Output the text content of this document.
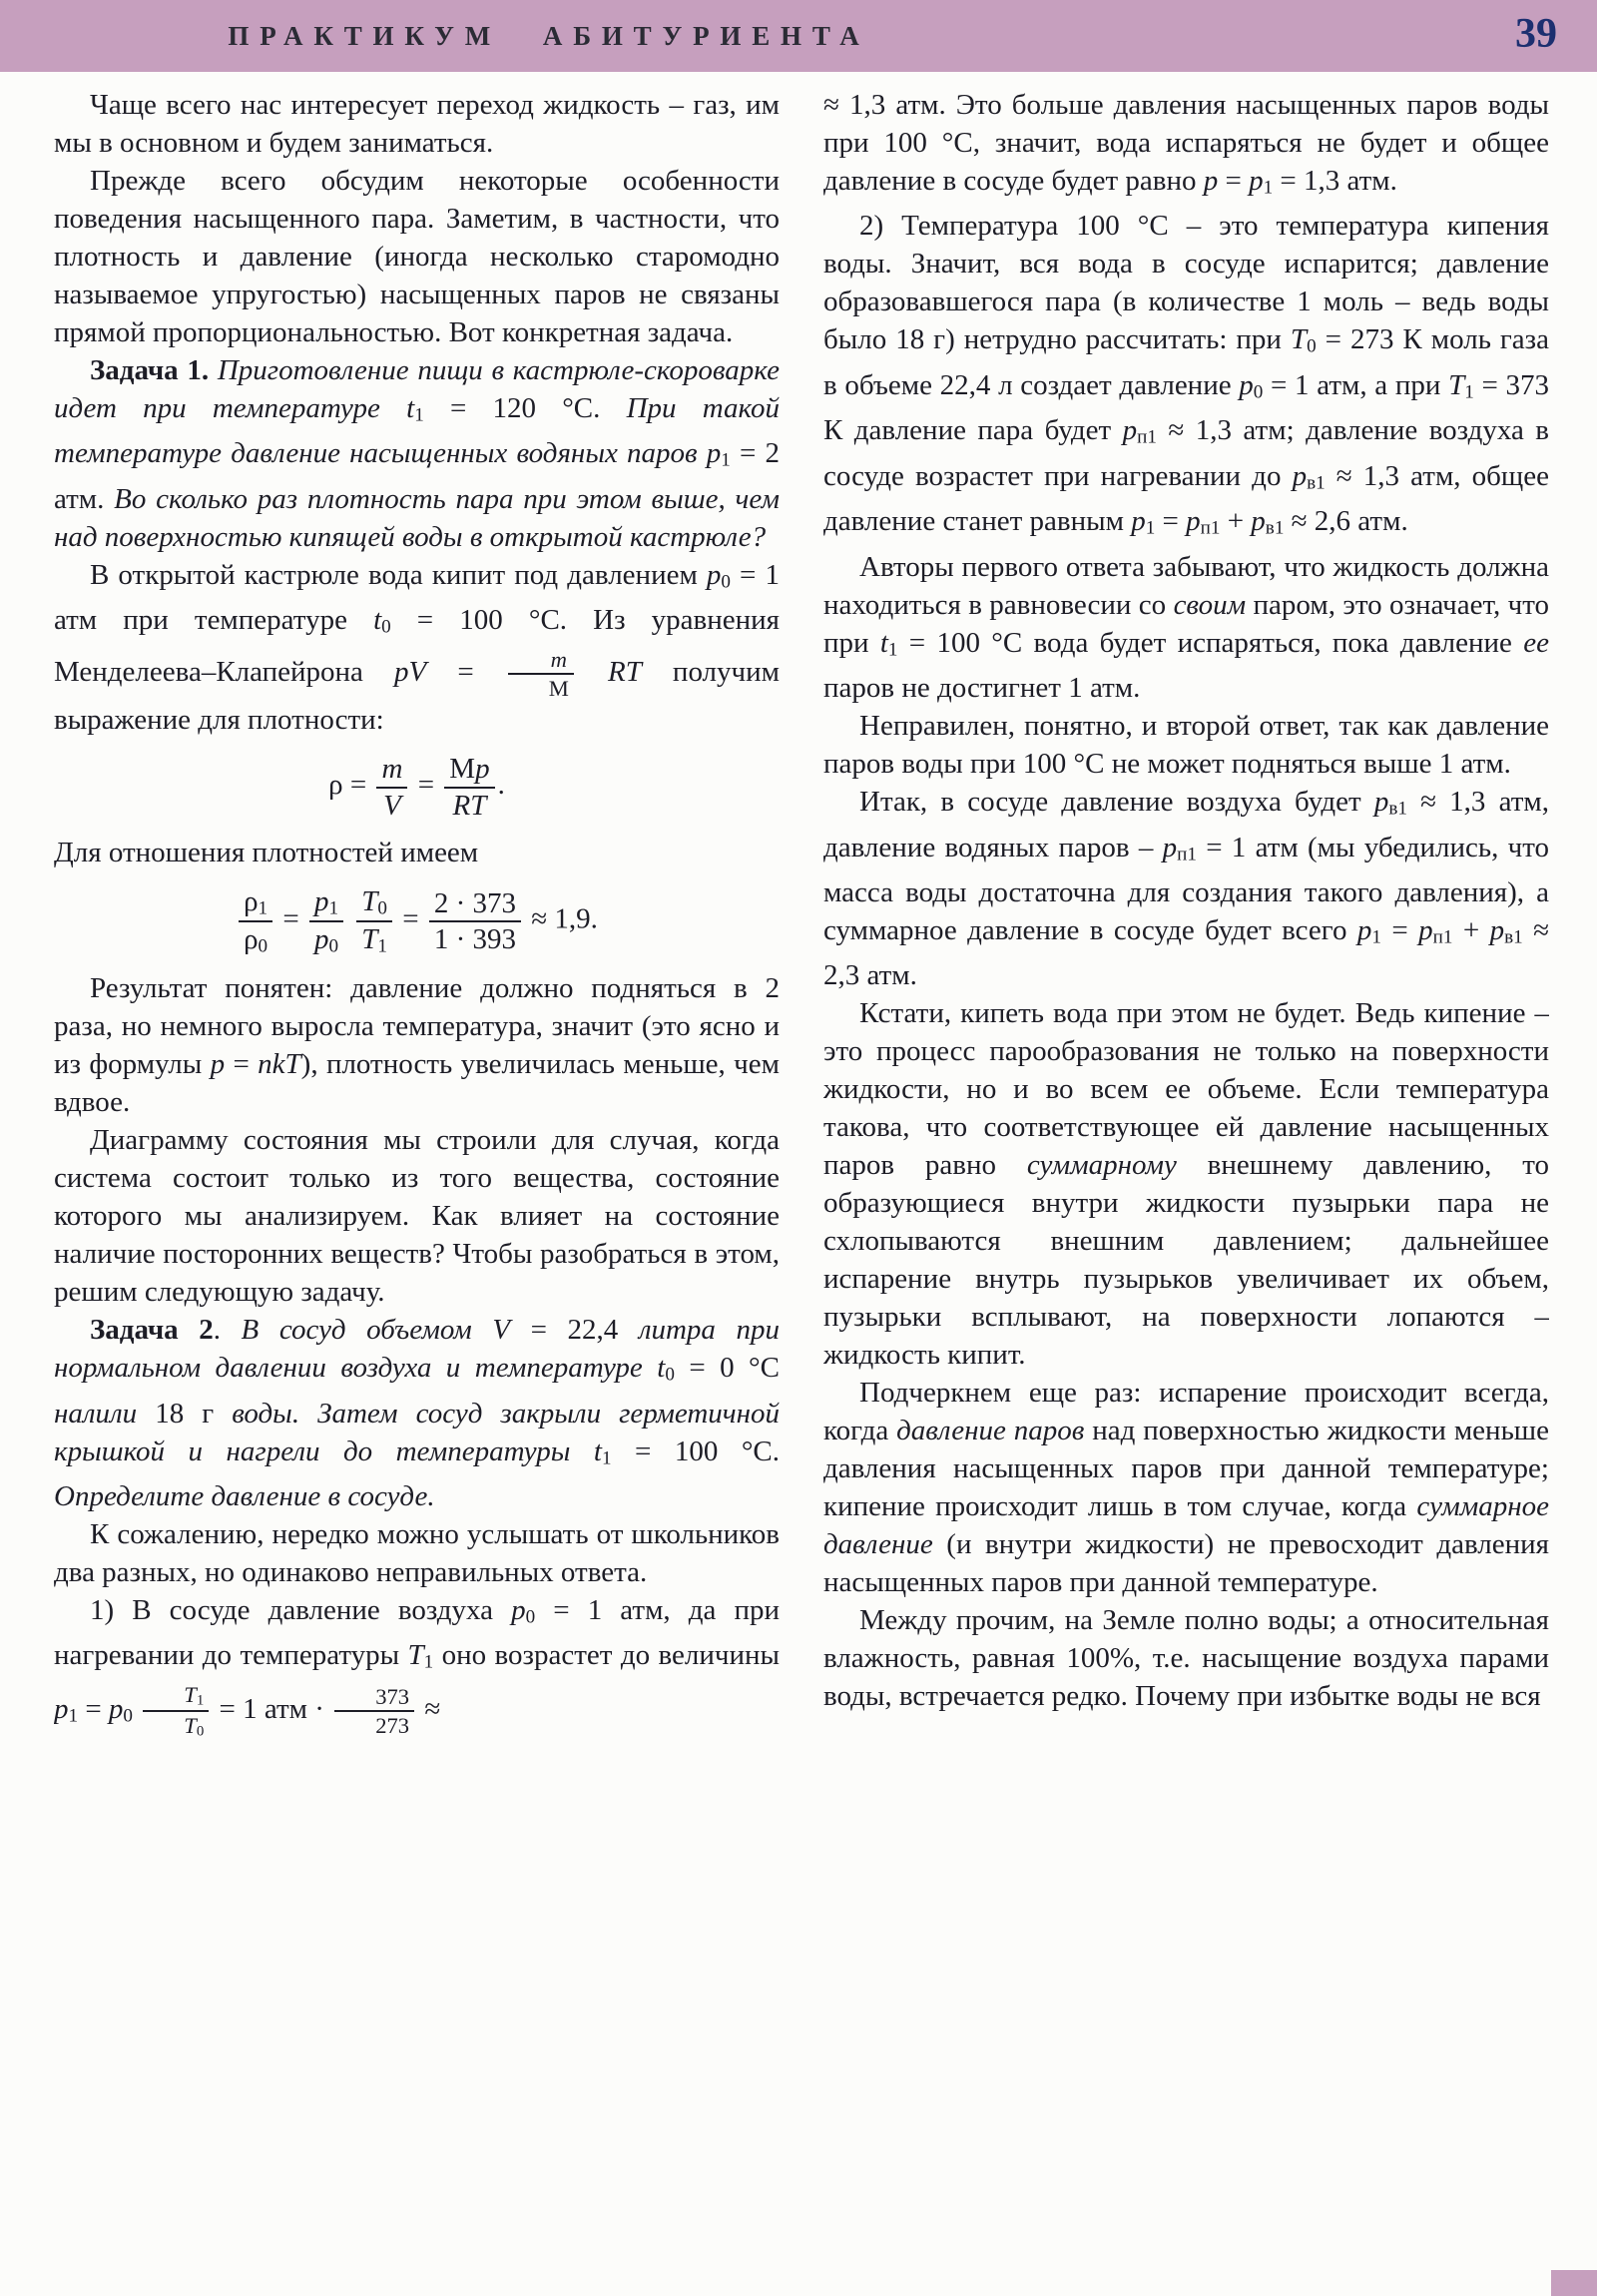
ПРАКТИКУМ АБИТУРИЕНТА	39

Чаще всего нас интересует переход жидкость – газ, им мы в основном и будем заниматься.

Прежде всего обсудим некоторые особенности поведения насыщенного пара. Заметим, в частности, что плотность и давление (иногда несколько старомодно называемое упругостью) насыщенных паров не связаны прямой пропорциональностью. Вот конкретная задача.

Задача 1. Приготовление пищи в кастрюле-скороварке идет при температуре t1 = 120 °С. При такой температуре давление насыщенных водяных паров p1 = 2 атм. Во сколько раз плотность пара при этом выше, чем над поверхностью кипящей воды в открытой кастрюле?

В открытой кастрюле вода кипит под давлением p0 = 1 атм при температуре t0 = 100 °С. Из уравнения Менделеева–Клапейрона pV = $\frac{m}{M}$ RT получим выражение для плотности:

$\rho = \frac{m}{V} = \frac{Mp}{RT}$ .

Для отношения плотностей имеем

$\frac{\rho 1}{\rho 0} = \frac{p1}{p0}$
$\frac{T0}{T1} = \frac{2 \cdot 373}{1 \cdot 393} \approx 1,9$.

Результат понятен: давление должно подняться в 2 раза, но немного выросла температура, значит (это ясно и из формулы p = nkT), плотность увеличилась меньше, чем вдвое.

Диаграмму состояния мы строили для случая, когда система состоит только из того вещества, состояние которого мы анализируем. Как влияет на состояние наличие посторонних веществ? Чтобы разобраться в этом, решим следующую задачу.

Задача 2. В сосуд объемом V = 22,4 литра при нормальном давлении воздуха и температуре t0 = 0 °С налили 18 г воды. Затем сосуд закрыли герметичной крышкой и нагрели до температуры t1 = 100 °С. Определите давление в сосуде.

К сожалению, нередко можно услышать от школьников два разных, но одинаково неправильных ответа.

1) В сосуде давление воздуха p0 = 1 атм, да при нагревании до температуры T1 оно возрастет до величины $p1 = p0 \frac{T1}{T0} = 1$ атм · $\frac{373}{273}$ ≈

≈ 1,3 атм. Это больше давления насыщенных паров воды при 100 °С, значит, вода испаряться не будет и общее давление в сосуде будет равно p = p1 = 1,3 атм.

2) Температура 100 °С – это температура кипения воды. Значит, вся вода в сосуде испарится; давление образовавшегося пара (в количестве 1 моль – ведь воды было 18 г) нетрудно рассчитать: при T0 = 273 К моль газа в объеме 22,4 л создает давление p0 = 1 атм, а при T1 = 373 К давление пара будет pп1 ≈ 1,3 атм; давление воздуха в сосуде возрастет при нагревании до pв1 ≈ 1,3 атм, общее давление станет равным p1 = pп1 + pв1 ≈ 2,6 атм.

Авторы первого ответа забывают, что жидкость должна находиться в равновесии со своим паром, это означает, что при t1 = 100 °С вода будет испаряться, пока давление ее паров не достигнет 1 атм.

Неправилен, понятно, и второй ответ, так как давление паров воды при 100 °С не может подняться выше 1 атм.

Итак, в сосуде давление воздуха будет pв1 ≈ 1,3 атм, давление водяных паров – pп1 = 1 атм (мы убедились, что масса воды достаточна для создания такого давления), а суммарное давление в сосуде будет всего p1 = pп1 + pв1 ≈ 2,3 атм.

Кстати, кипеть вода при этом не будет. Ведь кипение – это процесс парообразования не только на поверхности жидкости, но и во всем ее объеме. Если температура такова, что соответствующее ей давление насыщенных паров равно суммарному внешнему давлению, то образующиеся внутри жидкости пузырьки пара не схлопываются внешним давлением; дальнейшее испарение внутрь пузырьков увеличивает их объем, пузырьки всплывают, на поверхности лопаются – жидкость кипит.

Подчеркнем еще раз: испарение происходит всегда, когда давление паров над поверхностью жидкости меньше давления насыщенных паров при данной температуре; кипение происходит лишь в том случае, когда суммарное давление (и внутри жидкости) не превосходит давления насыщенных паров при данной температуре.

Между прочим, на Земле полно воды; а относительная влажность, равная 100%, т.е. насыщение воздуха парами воды, встречается редко. Почему при избытке воды не вся
